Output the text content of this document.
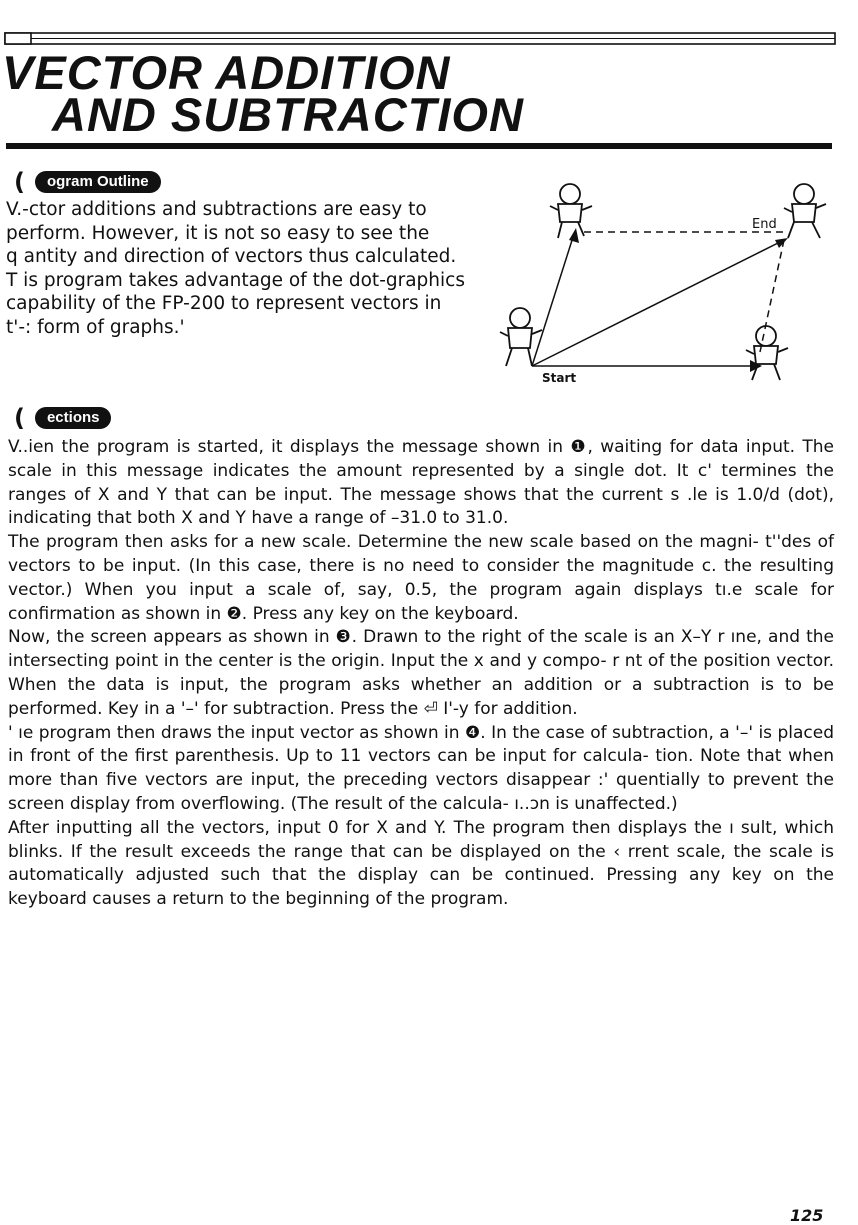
VECTOR ADDITION
AND SUBTRACTION
(	ogram Outline
V.-ctor additions and subtractions are easy to
perform. However, it is not so easy to see the
q antity and direction of vectors thus calculated.
T is program takes advantage of the dot-graphics
capability of the FP-200 to represent vectors in
t'-: form of graphs.'
End
Start
(	ections

V..ien the program is started, it displays the message shown in ❶, waiting for data input. The scale in this message indicates the amount represented by a single dot. It c' termines the ranges of X and Y that can be input. The message shows that the current s .le is 1.0/d (dot), indicating that both X and Y have a range of –31.0 to 31.0.

The program then asks for a new scale. Determine the new scale based on the magni- t''des of vectors to be input. (In this case, there is no need to consider the magnitude c. the resulting vector.) When you input a scale of, say, 0.5, the program again displays tı.e scale for confirmation as shown in ❷. Press any key on the keyboard.

Now, the screen appears as shown in ❸. Drawn to the right of the scale is an X–Y r ıne, and the intersecting point in the center is the origin. Input the x and y compo- r nt of the position vector. When the data is input, the program asks whether an addition or a subtraction is to be performed. Key in a '–' for subtraction. Press the ⏎ I'-y for addition.

' ıe program then draws the input vector as shown in ❹. In the case of subtraction, a '–' is placed in front of the first parenthesis. Up to 11 vectors can be input for calcula- tion. Note that when more than five vectors are input, the preceding vectors disappear :' quentially to prevent the screen display from overflowing. (The result of the calcula- ı..ɔn is unaffected.)

After inputting all the vectors, input 0 for X and Y. The program then displays the ı sult, which blinks. If the result exceeds the range that can be displayed on the ‹ rrent scale, the scale is automatically adjusted such that the display can be continued. Pressing any key on the keyboard causes a return to the beginning of the program.

125
